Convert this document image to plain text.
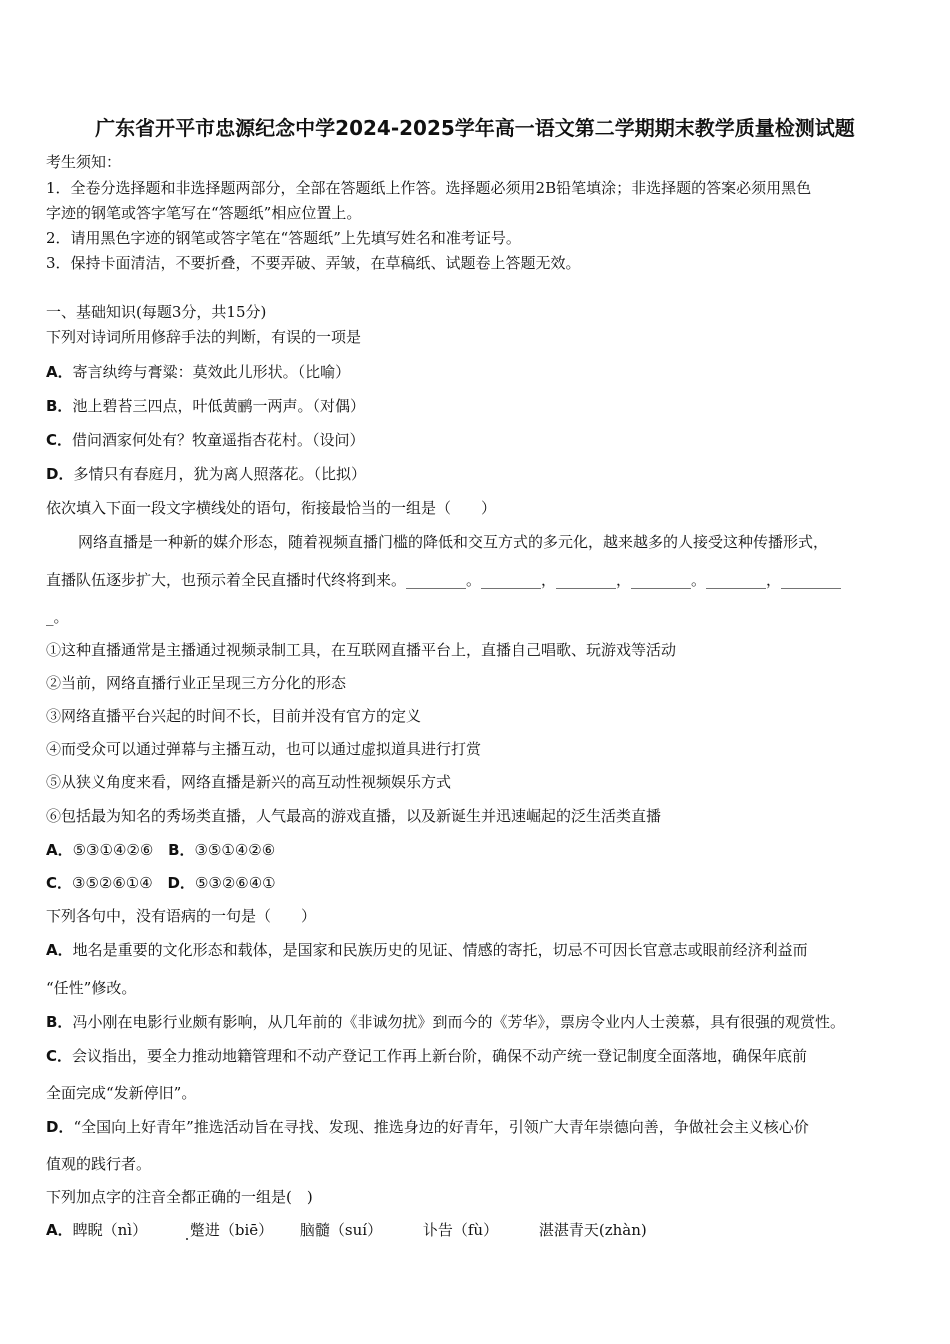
广东省开平市忠源纪念中学2024-2025学年高一语文第二学期期末教学质量检测试题
考生须知：
1．全卷分选择题和非选择题两部分，全部在答题纸上作答。选择题必须用2B铅笔填涂；非选择题的答案必须用黑色
字迹的钢笔或答字笔写在“答题纸”相应位置上。
2．请用黑色字迹的钢笔或答字笔在“答题纸”上先填写姓名和准考证号。
3．保持卡面清洁，不要折叠，不要弄破、弄皱，在草稿纸、试题卷上答题无效。
一、基础知识(每题3分，共15分)
下列对诗词所用修辞手法的判断，有误的一项是
A．寄言纨绔与膏粱：莫效此儿形状。（比喻）
B．池上碧苔三四点，叶低黄鹂一两声。（对偶）
C．借问酒家何处有？牧童遥指杏花村。（设问）
D．多情只有春庭月，犹为离人照落花。（比拟）
依次填入下面一段文字横线处的语句，衔接最恰当的一组是（　　）
网络直播是一种新的媒介形态，随着视频直播门槛的降低和交互方式的多元化，越来越多的人接受这种传播形式，
直播队伍逐步扩大，也预示着全民直播时代终将到来。________。________，________，________。________，________
_。
①这种直播通常是主播通过视频录制工具，在互联网直播平台上，直播自己唱歌、玩游戏等活动
②当前，网络直播行业正呈现三方分化的形态
③网络直播平台兴起的时间不长，目前并没有官方的定义
④而受众可以通过弹幕与主播互动，也可以通过虚拟道具进行打赏
⑤从狭义角度来看，网络直播是新兴的高互动性视频娱乐方式
⑥包括最为知名的秀场类直播，人气最高的游戏直播，以及新诞生并迅速崛起的泛生活类直播
A．⑤③①④②⑥ B．③⑤①④②⑥
C．③⑤②⑥①④ D．⑤③②⑥④①
下列各句中，没有语病的一句是（　　）
A．地名是重要的文化形态和载体，是国家和民族历史的见证、情感的寄托，切忌不可因长官意志或眼前经济利益而
“任性”修改。
B．冯小刚在电影行业颇有影响，从几年前的《非诚勿扰》到而今的《芳华》，票房令业内人士羡慕，具有很强的观赏性。
C．会议指出，要全力推动地籍管理和不动产登记工作再上新台阶，确保不动产统一登记制度全面落地，确保年底前
全面完成“发新停旧”。
D．“全国向上好青年”推选活动旨在寻找、发现、推选身边的好青年，引领广大青年崇德向善，争做社会主义核心价
值观的践行者。
下列加点字的注音全都正确的一组是(　)
A．睥睨（nì）	蹩进（biē） 脑髓（suí）	讣告（fù）	湛湛青天(zhàn)
